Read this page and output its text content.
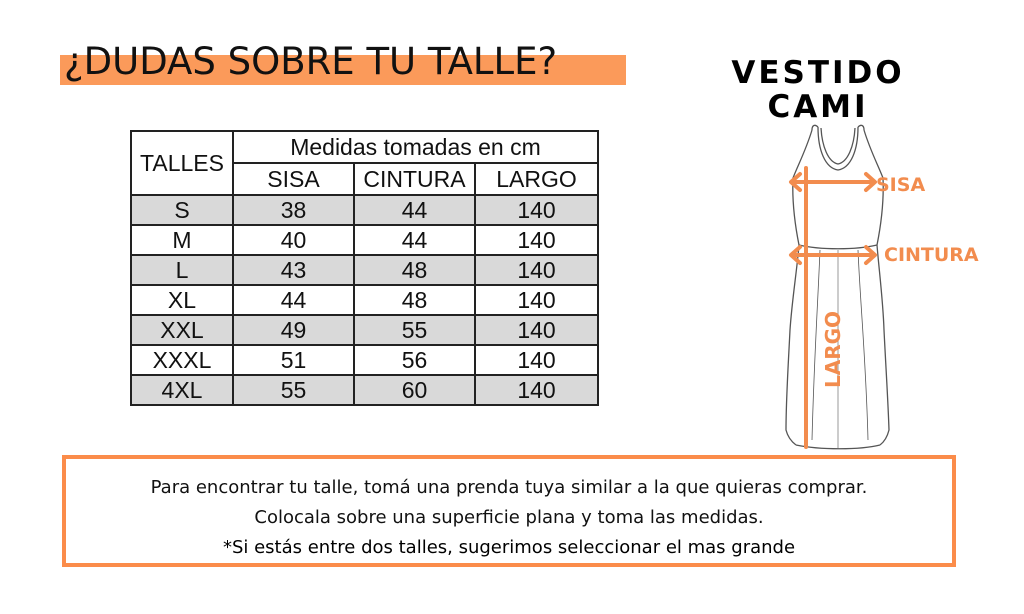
¿DUDAS SOBRE TU TALLE?
TALLES	Medidas tomadas en cm		
	SISA	CINTURA	LARGO
S	38	44	140
M	40	44	140
L	43	48	140
XL	44	48	140
XXL	49	55	140
XXXL	51	56	140
4XL	55	60	140
VESTIDO
CAMI
SISA
CINTURA
LARGO
Para encontrar tu talle, tomá una prenda tuya similar a la que quieras comprar.
Colocala sobre una superficie plana y toma las medidas.
*Si estás entre dos talles, sugerimos seleccionar el mas grande
